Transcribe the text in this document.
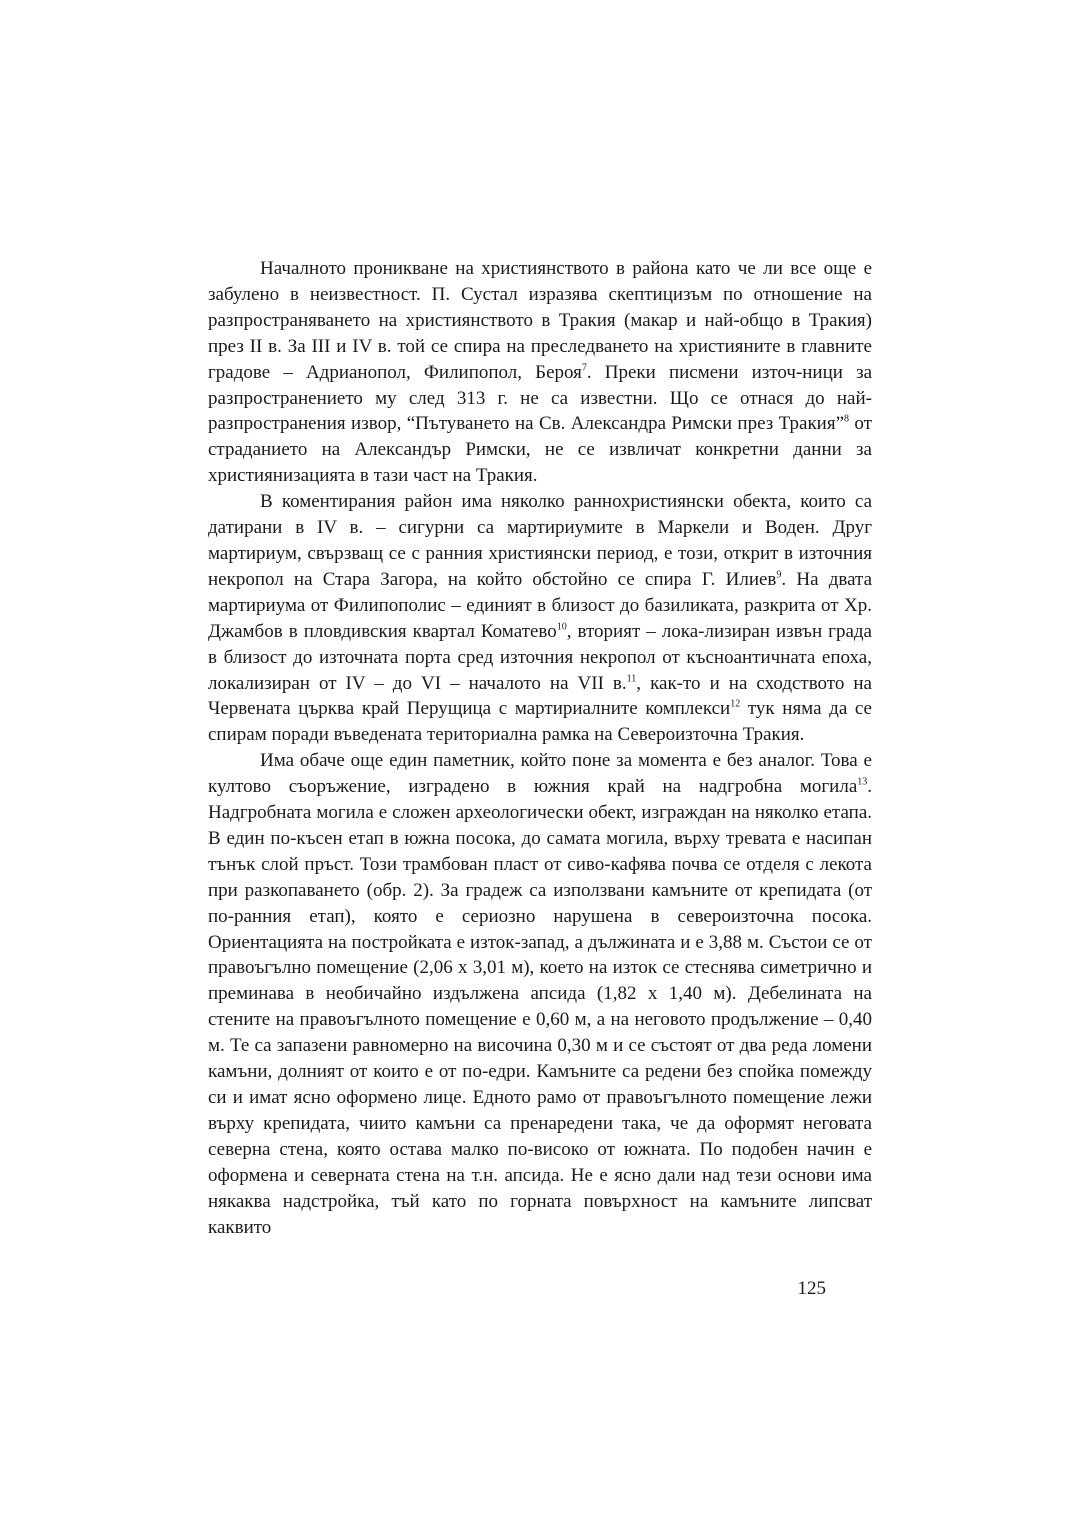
Началното проникване на християнството в района като че ли все още е забулено в неизвестност. П. Сустал изразява скептицизъм по отношение на разпространяването на християнството в Тракия (макар и най-общо в Тракия) през II в. За III и IV в. той се спира на преследването на християните в главните градове – Адрианопол, Филипопол, Бероя$^7$. Преки писмени източ-ници за разпространението му след 313 г. не са известни. Що се отнася до най-разпространения извор, “Пътуването на Св. Александра Римски през Тракия”$^8$ от страданието на Александър Римски, не се извличат конкретни данни за християнизацията в тази част на Тракия.

В коментирания район има няколко раннохристиянски обекта, които са датирани в IV в. – сигурни са мартириумите в Маркели и Воден. Друг мартириум, свързващ се с ранния християнски период, е този, открит в източния некропол на Стара Загора, на който обстойно се спира Г. Илиев$^9$. На двата мартириума от Филипополис – единият в близост до базиликата, разкрита от Хр. Джамбов в пловдивския квартал Коматево$^{10}$, вторият – лока-лизиран извън града в близост до източната порта сред източния некропол от късноантичната епоха, локализиран от IV – до VI – началото на VII в.$^{11}$, как-то и на сходството на Червената църква край Перущица с мартириалните комплекси$^{12}$ тук няма да се спирам поради въведената териториална рамка на Североизточна Тракия.

Има обаче още един паметник, който поне за момента е без аналог. Това е култово съоръжение, изградено в южния край на надгробна могила$^{13}$. Надгробната могила е сложен археологически обект, изграждан на няколко етапа. В един по-късен етап в южна посока, до самата могила, върху тревата е насипан тънък слой пръст. Този трамбован пласт от сиво-кафява почва се отделя с лекота при разкопаването (обр. 2). За градеж са използвани камъните от крепидата (от по-ранния етап), която е сериозно нарушена в североизточна посока. Ориентацията на постройката е изток-запад, а дължината и е 3,88 м. Състои се от правоъгълно помещение (2,06 х 3,01 м), което на изток се стеснява симетрично и преминава в необичайно издължена апсида (1,82 х 1,40 м). Дебелината на стените на правоъгълното помещение е 0,60 м, а на неговото продължение – 0,40 м. Те са запазени равномерно на височина 0,30 м и се състоят от два реда ломени камъни, долният от които е от по-едри. Камъните са редени без спойка помежду си и имат ясно оформено лице. Едното рамо от правоъгълното помещение лежи върху крепидата, чиито камъни са пренаредени така, че да оформят неговата северна стена, която остава малко по-високо от южната. По подобен начин е оформена и северната стена на т.н. апсида. Не е ясно дали над тези основи има някаква надстройка, тъй като по горната повърхност на камъните липсват каквито

125
